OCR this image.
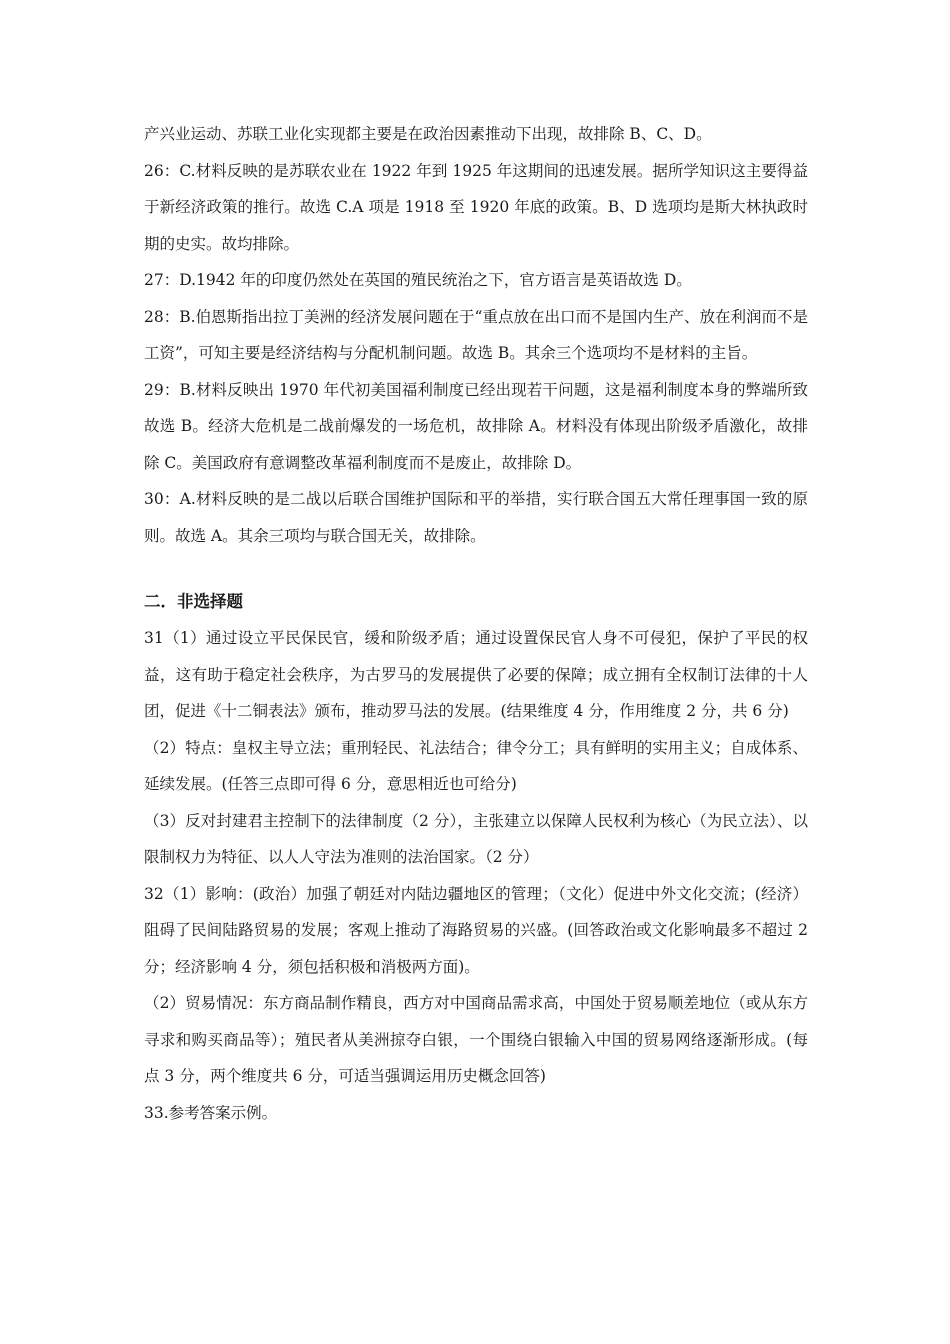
产兴业运动、苏联工业化实现都主要是在政治因素推动下出现，故排除 B、C、D。

26：C.材料反映的是苏联农业在 1922 年到 1925 年这期间的迅速发展。据所学知识这主要得益于新经济政策的推行。故选 C.A 项是 1918 至 1920 年底的政策。B、D 选项均是斯大林执政时期的史实。故均排除。

27：D.1942 年的印度仍然处在英国的殖民统治之下，官方语言是英语故选 D。

28：B.伯恩斯指出拉丁美洲的经济发展问题在于“重点放在出口而不是国内生产、放在利润而不是工资”，可知主要是经济结构与分配机制问题。故选 B。其余三个选项均不是材料的主旨。

29：B.材料反映出 1970 年代初美国福利制度已经出现若干问题，这是福利制度本身的弊端所致故选 B。经济大危机是二战前爆发的一场危机，故排除 A。材料没有体现出阶级矛盾激化，故排除 C。美国政府有意调整改革福利制度而不是废止，故排除 D。

30：A.材料反映的是二战以后联合国维护国际和平的举措，实行联合国五大常任理事国一致的原则。故选 A。其余三项均与联合国无关，故排除。

二．非选择题

31（1）通过设立平民保民官，缓和阶级矛盾；通过设置保民官人身不可侵犯，保护了平民的权益，这有助于稳定社会秩序，为古罗马的发展提供了必要的保障；成立拥有全权制订法律的十人团，促进《十二铜表法》颁布，推动罗马法的发展。(结果维度 4 分，作用维度 2 分，共 6 分)

（2）特点：皇权主导立法；重刑轻民、礼法结合；律令分工；具有鲜明的实用主义；自成体系、延续发展。(任答三点即可得 6 分，意思相近也可给分)

（3）反对封建君主控制下的法律制度（2 分），主张建立以保障人民权利为核心（为民立法）、以限制权力为特征、以人人守法为准则的法治国家。（2 分）

32（1）影响：(政治）加强了朝廷对内陆边疆地区的管理；（文化）促进中外文化交流；(经济）阻碍了民间陆路贸易的发展；客观上推动了海路贸易的兴盛。(回答政治或文化影响最多不超过 2 分；经济影响 4 分，须包括积极和消极两方面)。

（2）贸易情况：东方商品制作精良，西方对中国商品需求高，中国处于贸易顺差地位（或从东方寻求和购买商品等）；殖民者从美洲掠夺白银，一个围绕白银输入中国的贸易网络逐渐形成。(每点 3 分，两个维度共 6 分，可适当强调运用历史概念回答)

33.参考答案示例。
